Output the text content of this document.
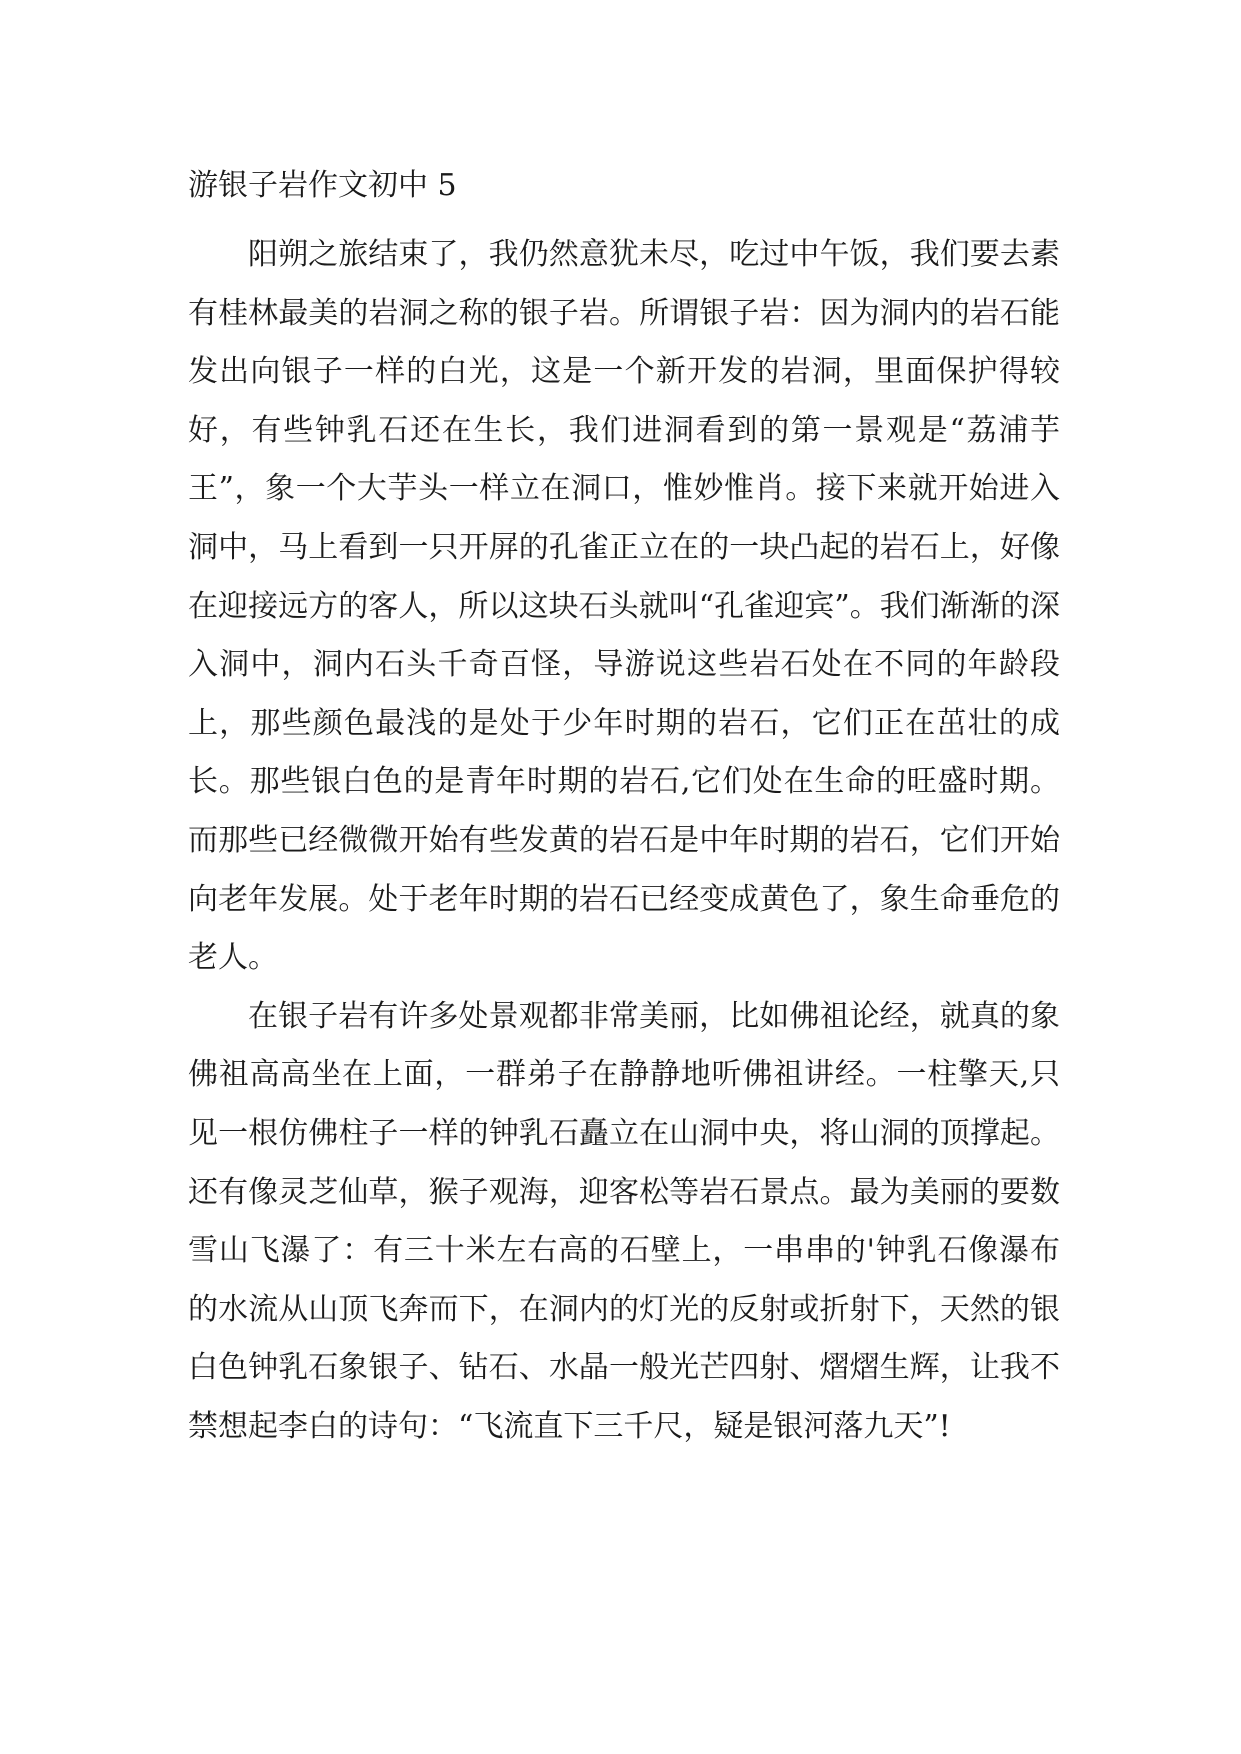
游银子岩作文初中 5

阳朔之旅结束了，我仍然意犹未尽，吃过中午饭，我们要去素有桂林最美的岩洞之称的银子岩。所谓银子岩：因为洞内的岩石能发出向银子一样的白光，这是一个新开发的岩洞，里面保护得较好，有些钟乳石还在生长，我们进洞看到的第一景观是“荔浦芋王”，象一个大芋头一样立在洞口，惟妙惟肖。接下来就开始进入洞中，马上看到一只开屏的孔雀正立在的一块凸起的岩石上，好像在迎接远方的客人，所以这块石头就叫“孔雀迎宾”。我们渐渐的深入洞中，洞内石头千奇百怪，导游说这些岩石处在不同的年龄段上，那些颜色最浅的是处于少年时期的岩石，它们正在茁壮的成长。那些银白色的是青年时期的岩石,它们处在生命的旺盛时期。而那些已经微微开始有些发黄的岩石是中年时期的岩石，它们开始向老年发展。处于老年时期的岩石已经变成黄色了，象生命垂危的老人。

在银子岩有许多处景观都非常美丽，比如佛祖论经，就真的象佛祖高高坐在上面，一群弟子在静静地听佛祖讲经。一柱擎天,只见一根仿佛柱子一样的钟乳石矗立在山洞中央，将山洞的顶撑起。还有像灵芝仙草，猴子观海，迎客松等岩石景点。最为美丽的要数雪山飞瀑了：有三十米左右高的石壁上，一串串的'钟乳石像瀑布的水流从山顶飞奔而下，在洞内的灯光的反射或折射下，天然的银白色钟乳石象银子、钻石、水晶一般光芒四射、熠熠生辉，让我不禁想起李白的诗句：“飞流直下三千尺，疑是银河落九天”!
